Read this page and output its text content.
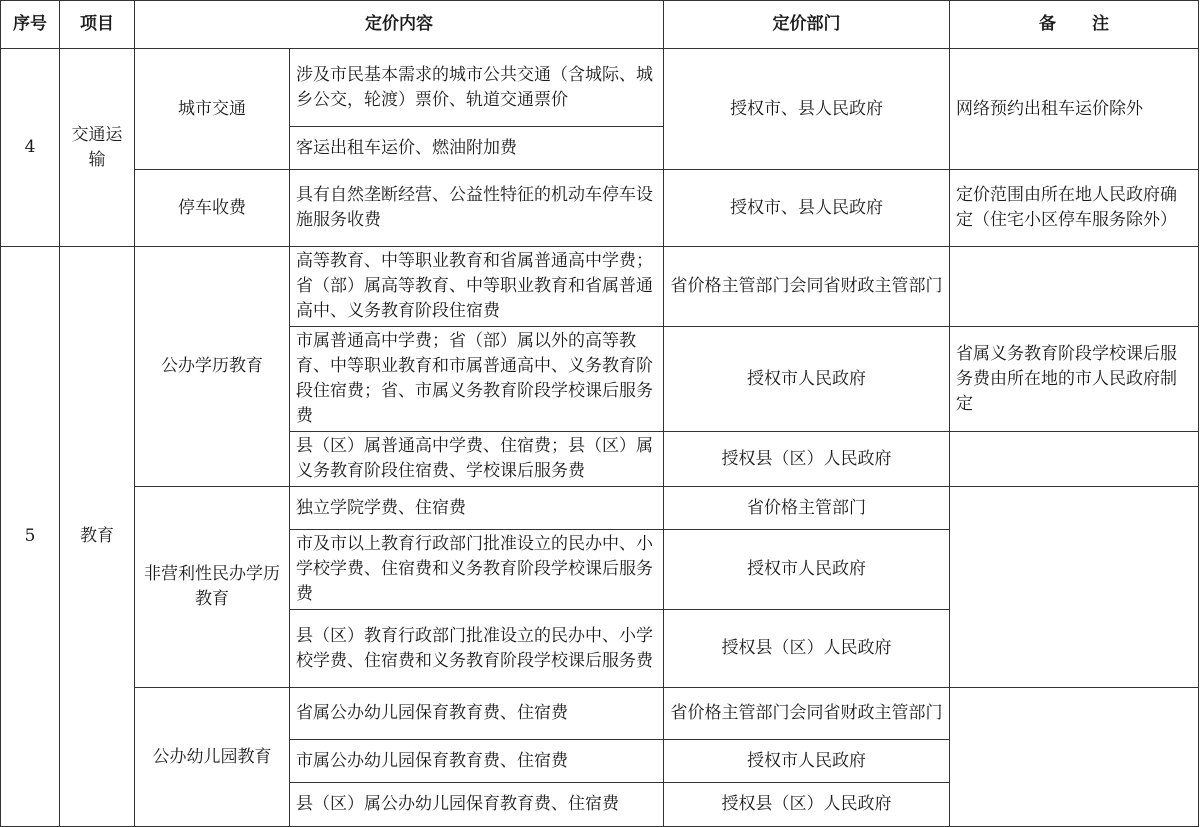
序号	项目	定价内容		定价部门	备注
4	交通运输	城市交通	涉及市民基本需求的城市公共交通（含城际、城乡公交，轮渡）票价、轨道交通票价	授权市、县人民政府	网络预约出租车运价除外
			客运出租车运价、燃油附加费		
		停车收费	具有自然垄断经营、公益性特征的机动车停车设施服务收费	授权市、县人民政府	定价范围由所在地人民政府确定（住宅小区停车服务除外）
5	教育	公办学历教育	高等教育、中等职业教育和省属普通高中学费；省（部）属高等教育、中等职业教育和省属普通高中、义务教育阶段住宿费	省价格主管部门会同省财政主管部门	
			市属普通高中学费；省（部）属以外的高等教育、中等职业教育和市属普通高中、义务教育阶段住宿费；省、市属义务教育阶段学校课后服务费	授权市人民政府	省属义务教育阶段学校课后服务费由所在地的市人民政府制定
			县（区）属普通高中学费、住宿费；县（区）属义务教育阶段住宿费、学校课后服务费	授权县（区）人民政府	
		非营利性民办学历教育	独立学院学费、住宿费	省价格主管部门	
			市及市以上教育行政部门批准设立的民办中、小学校学费、住宿费和义务教育阶段学校课后服务费	授权市人民政府	
			县（区）教育行政部门批准设立的民办中、小学校学费、住宿费和义务教育阶段学校课后服务费	授权县（区）人民政府	
		公办幼儿园教育	省属公办幼儿园保育教育费、住宿费	省价格主管部门会同省财政主管部门	
			市属公办幼儿园保育教育费、住宿费	授权市人民政府	
			县（区）属公办幼儿园保育教育费、住宿费	授权县（区）人民政府	
